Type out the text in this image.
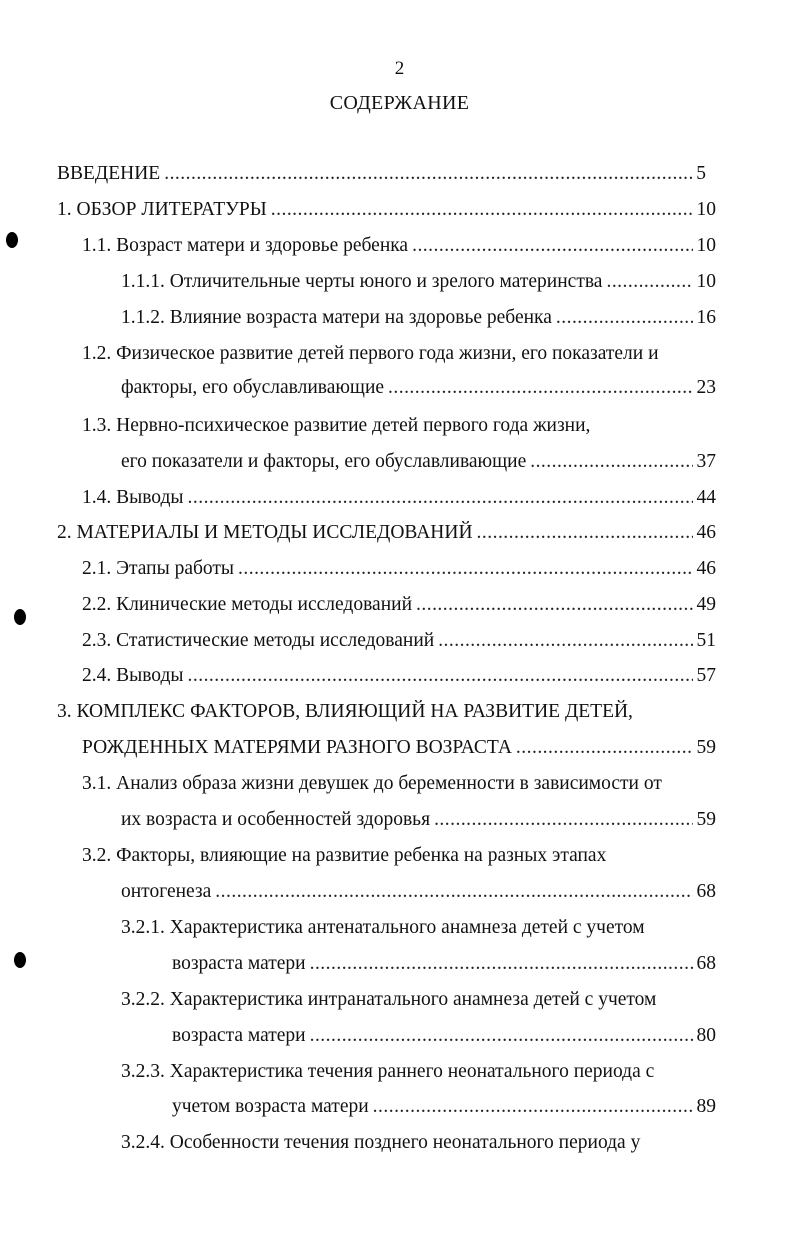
2
СОДЕРЖАНИЕ
ВВЕДЕНИЕ . . .	5
1. ОБЗОР ЛИТЕРАТУРЫ . . .	10
1.1. Возраст матери и здоровье ребенка . . .	10
1.1.1. Отличительные черты юного и зрелого материнства . . .	10
1.1.2. Влияние возраста матери на здоровье ребенка . . .	16
1.2. Физическое развитие детей первого года жизни, его показатели и
факторы, его обуславливающие . . .	23
1.3. Нервно-психическое развитие детей первого года жизни,
его показатели и факторы, его обуславливающие . . .	37
1.4. Выводы . . .	44
2. МАТЕРИАЛЫ И МЕТОДЫ ИССЛЕДОВАНИЙ . . .	46
2.1. Этапы работы . . .	46
2.2. Клинические методы исследований . . .	49
2.3. Статистические методы исследований . . .	51
2.4. Выводы . . .	57
3. КОМПЛЕКС ФАКТОРОВ, ВЛИЯЮЩИЙ НА РАЗВИТИЕ ДЕТЕЙ,
РОЖДЕННЫХ МАТЕРЯМИ РАЗНОГО ВОЗРАСТА . . .	59
3.1. Анализ образа жизни девушек до беременности в зависимости от
их возраста и особенностей здоровья . . .	59
3.2. Факторы, влияющие на развитие ребенка на разных этапах
онтогенеза . . .	68
3.2.1. Характеристика антенатального анамнеза детей с учетом
возраста матери . . .	68
3.2.2. Характеристика интранатального анамнеза детей с учетом
возраста матери . . .	80
3.2.3. Характеристика течения раннего неонатального периода с
учетом возраста матери . . .	89
3.2.4. Особенности течения позднего неонатального периода у
